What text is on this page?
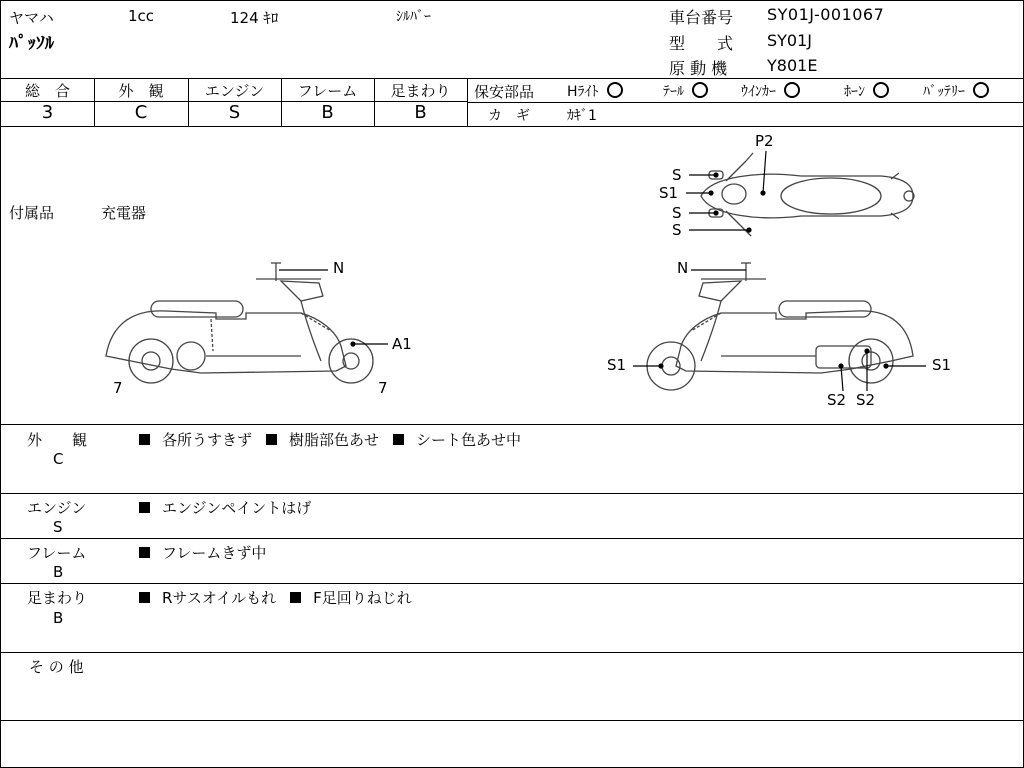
ヤマハ	1cc	124 ｷﾛ	ｼﾙﾊﾞｰ
ﾊﾟｯｿﾙ
車台番号 SY01J-001067
型　　式 SY01J
原 動 機 Y801E
総　合
3
外　観
C
エンジン
S
フレーム
B
足まわり
B
保安部品 Hﾗｲﾄ	ﾃｰﾙ	ｳｲﾝｶｰ	ﾎｰﾝ	ﾊﾞｯﾃﾘｰ
カ　ギ	ｶｷﾞ1
付属品	充電器
P2
S
S1
S
S
N
A1
7	7
N
S1	S1
S2 S2
外　　観
C
各所うすきず 樹脂部色あせ シート色あせ中
エンジン
S
エンジンペイントはげ
フレーム
B
フレームきず中
足まわり
B
Rサスオイルもれ F足回りねじれ
そ の 他
